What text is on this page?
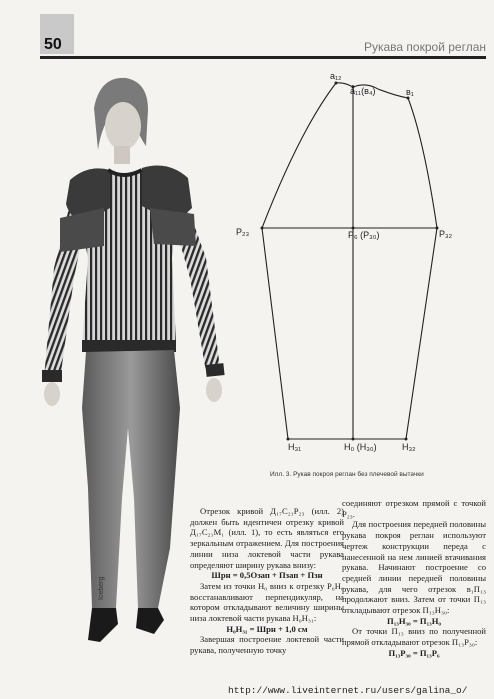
50	Рукава покрой реглан
Iceberg
a₁₂
a₁₁(в₄)	в₁
P₂₃	P₆ (P₃₀)	P₃₂
H₃₁	H₀ (H₃₀)	H₃₂
Илл. 3. Рукав покроя реглан без плечевой вытачки

Отрезок кривой Д₁₇С₂₁Р₂₃ (илл. 2) должен быть идентичен отрезку кривой Д₁₇С₂₁М₁ (илл. 1), то есть являться его зеркальным отражением. Для построения линии низа локтевой части рукава определяют ширину рукава внизу:

Шрн = 0,5Озап + Пзап + Пзн

Затем из точки Н₀ вниз к отрезку Р₆Н₀ восстанавливают перпендикуляр, на котором откладывают величину ширины низа локтевой части рукава Н₀Н₃₁:

Н₀Н₃₁ = Шрн + 1,0 см

Завершая построение локтевой части рукава, полученную точку

соединяют отрезком прямой с точкой Р₂₃.

Для построения передней половины рукава покроя реглан используют чертеж конструкции переда с нанесенной на нем линией втачивания рукава. Начинают построение со средней линии передней половины рукава, для чего отрезок в₁П₁₃ продолжают вниз. Затем от точки П₁₃ откладывают отрезок П₁₃Н₃₀:

П₁₃Н₃₀ = П₁₃Н₀

От точки П₁₃ вниз по полученной прямой откладывают отрезок П₁₃Р₃₀:

П₁₃Р₃₀ = П₁₃Р₆

http://www.liveinternet.ru/users/galina_o/
